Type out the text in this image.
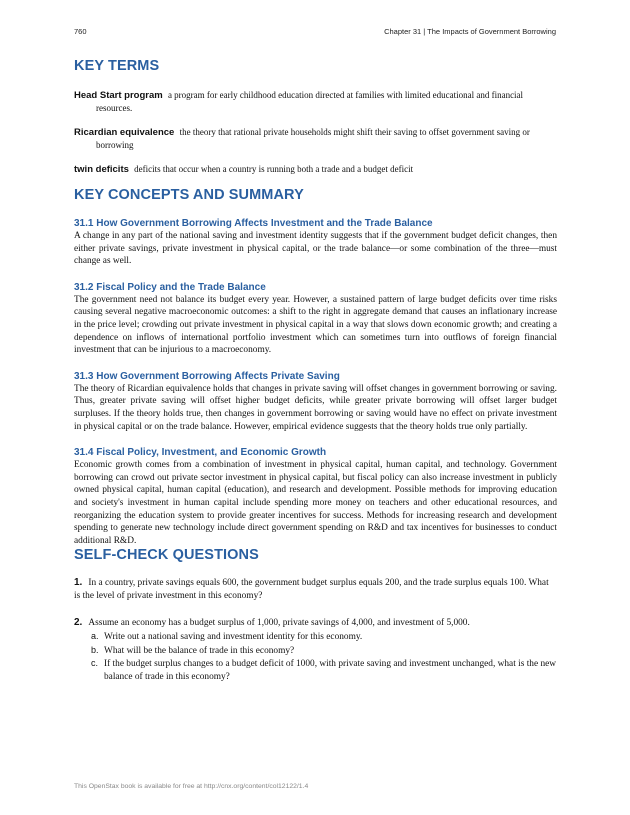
760	Chapter 31 | The Impacts of Government Borrowing
KEY TERMS

Head Start program a program for early childhood education directed at families with limited educational and financial resources.

Ricardian equivalence the theory that rational private households might shift their saving to offset government saving or borrowing

twin deficits deficits that occur when a country is running both a trade and a budget deficit

KEY CONCEPTS AND SUMMARY
31.1 How Government Borrowing Affects Investment and the Trade Balance

A change in any part of the national saving and investment identity suggests that if the government budget deficit changes, then either private savings, private investment in physical capital, or the trade balance—or some combination of the three—must change as well.

31.2 Fiscal Policy and the Trade Balance

The government need not balance its budget every year. However, a sustained pattern of large budget deficits over time risks causing several negative macroeconomic outcomes: a shift to the right in aggregate demand that causes an inflationary increase in the price level; crowding out private investment in physical capital in a way that slows down economic growth; and creating a dependence on inflows of international portfolio investment which can sometimes turn into outflows of foreign financial investment that can be injurious to a macroeconomy.

31.3 How Government Borrowing Affects Private Saving

The theory of Ricardian equivalence holds that changes in private saving will offset changes in government borrowing or saving. Thus, greater private saving will offset higher budget deficits, while greater private borrowing will offset larger budget surpluses. If the theory holds true, then changes in government borrowing or saving would have no effect on private investment in physical capital or on the trade balance. However, empirical evidence suggests that the theory holds true only partially.

31.4 Fiscal Policy, Investment, and Economic Growth

Economic growth comes from a combination of investment in physical capital, human capital, and technology. Government borrowing can crowd out private sector investment in physical capital, but fiscal policy can also increase investment in publicly owned physical capital, human capital (education), and research and development. Possible methods for improving education and society's investment in human capital include spending more money on teachers and other educational resources, and reorganizing the education system to provide greater incentives for success. Methods for increasing research and development spending to generate new technology include direct government spending on R&D and tax incentives for businesses to conduct additional R&D.

SELF-CHECK QUESTIONS

1. In a country, private savings equals 600, the government budget surplus equals 200, and the trade surplus equals 100. What is the level of private investment in this economy?

2. Assume an economy has a budget surplus of 1,000, private savings of 4,000, and investment of 5,000.

a. Write out a national saving and investment identity for this economy.

b. What will be the balance of trade in this economy?

c. If the budget surplus changes to a budget deficit of 1000, with private saving and investment unchanged, what is the new balance of trade in this economy?

This OpenStax book is available for free at http://cnx.org/content/col12122/1.4
